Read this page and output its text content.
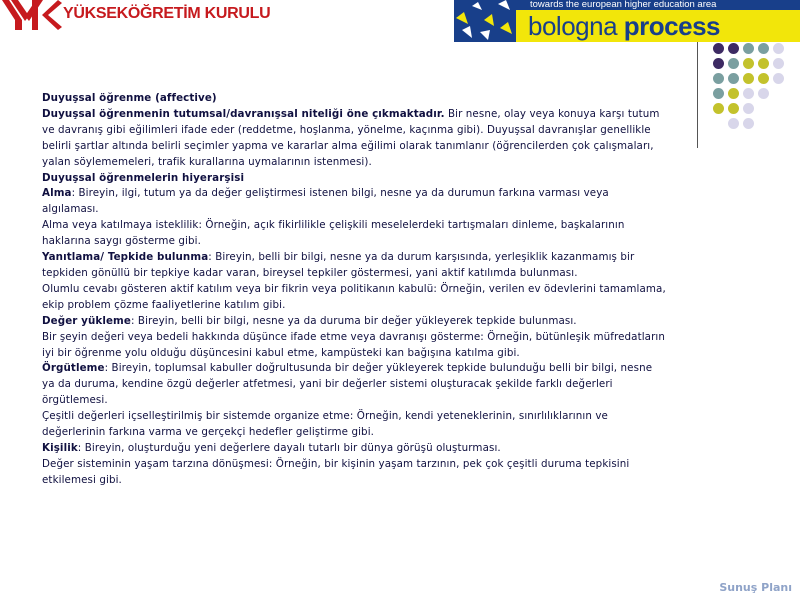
YÜKSEKÖĞRETİM KURULU
towards the european higher education area
bologna process

Duyuşsal öğrenme (affective)

Duyuşsal öğrenmenin tutumsal/davranışsal niteliği öne çıkmaktadır. Bir nesne, olay veya konuya karşı tutum ve davranış gibi eğilimleri ifade eder (reddetme, hoşlanma, yönelme, kaçınma gibi). Duyuşsal davranışlar genellikle belirli şartlar altında belirli seçimler yapma ve kararlar alma eğilimi olarak tanımlanır (öğrencilerden çok çalışmaları, yalan söylememeleri, trafik kurallarına uymalarının istenmesi).

Duyuşsal öğrenmelerin hiyerarşisi

Alma: Bireyin, ilgi, tutum ya da değer geliştirmesi istenen bilgi, nesne ya da durumun farkına varması veya algılaması.

Alma veya katılmaya isteklilik: Örneğin, açık fikirlilikle çelişkili meselelerdeki tartışmaları dinleme, başkalarının haklarına saygı gösterme gibi.

Yanıtlama/ Tepkide bulunma: Bireyin, belli bir bilgi, nesne ya da durum karşısında, yerleşiklik kazanmamış bir tepkiden gönüllü bir tepkiye kadar varan, bireysel tepkiler göstermesi, yani aktif katılımda bulunması.

Olumlu cevabı gösteren aktif katılım veya bir fikrin veya politikanın kabulü: Örneğin, verilen ev ödevlerini tamamlama, ekip problem çözme faaliyetlerine katılım gibi.

Değer yükleme: Bireyin, belli bir bilgi, nesne ya da duruma bir değer yükleyerek tepkide bulunması.

Bir şeyin değeri veya bedeli hakkında düşünce ifade etme veya davranışı gösterme: Örneğin, bütünleşik müfredatların iyi bir öğrenme yolu olduğu düşüncesini kabul etme, kampüsteki kan bağışına katılma gibi.

Örgütleme: Bireyin, toplumsal kabuller doğrultusunda bir değer yükleyerek tepkide bulunduğu belli bir bilgi, nesne ya da duruma, kendine özgü değerler atfetmesi, yani bir değerler sistemi oluşturacak şekilde farklı değerleri örgütlemesi.

Çeşitli değerleri içselleştirilmiş bir sistemde organize etme: Örneğin, kendi yeteneklerinin, sınırlılıklarının ve değerlerinin farkına varma ve gerçekçi hedefler geliştirme gibi.

Kişilik: Bireyin, oluşturduğu yeni değerlere dayalı tutarlı bir dünya görüşü oluşturması.

Değer sisteminin yaşam tarzına dönüşmesi: Örneğin, bir kişinin yaşam tarzının, pek çok çeşitli duruma tepkisini etkilemesi gibi.

Sunuş Planı
